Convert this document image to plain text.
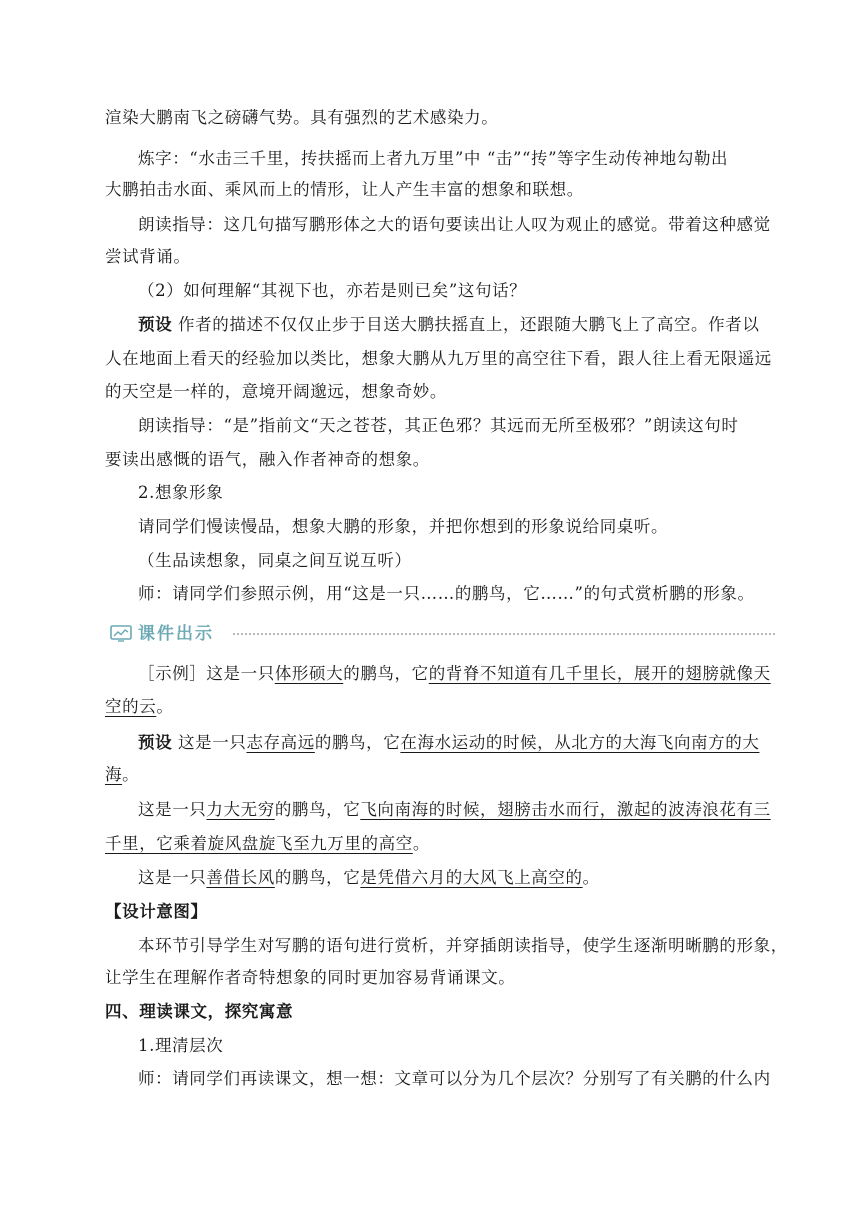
渲染大鹏南飞之磅礴气势。具有强烈的艺术感染力。
炼字：“水击三千里，抟扶摇而上者九万里”中 “击”“抟”等字生动传神地勾勒出
大鹏拍击水面、乘风而上的情形，让人产生丰富的想象和联想。
朗读指导：这几句描写鹏形体之大的语句要读出让人叹为观止的感觉。带着这种感觉
尝试背诵。
（2）如何理解“其视下也，亦若是则已矣”这句话？
预设 作者的描述不仅仅止步于目送大鹏扶摇直上，还跟随大鹏飞上了高空。作者以
人在地面上看天的经验加以类比，想象大鹏从九万里的高空往下看，跟人往上看无限遥远
的天空是一样的，意境开阔邈远，想象奇妙。
朗读指导：“是”指前文“天之苍苍，其正色邪？其远而无所至极邪？”朗读这句时
要读出感慨的语气，融入作者神奇的想象。
2.想象形象
请同学们慢读慢品，想象大鹏的形象，并把你想到的形象说给同桌听。
（生品读想象，同桌之间互说互听）
师：请同学们参照示例，用“这是一只……的鹏鸟，它……”的句式赏析鹏的形象。
课件出示
［示例］这是一只体形硕大的鹏鸟，它的背脊不知道有几千里长，展开的翅膀就像天
空的云。
预设 这是一只志存高远的鹏鸟，它在海水运动的时候，从北方的大海飞向南方的大
海。
这是一只力大无穷的鹏鸟，它飞向南海的时候，翅膀击水而行，激起的波涛浪花有三
千里，它乘着旋风盘旋飞至九万里的高空。
这是一只善借长风的鹏鸟，它是凭借六月的大风飞上高空的。
【设计意图】
本环节引导学生对写鹏的语句进行赏析，并穿插朗读指导，使学生逐渐明晰鹏的形象，
让学生在理解作者奇特想象的同时更加容易背诵课文。
四、理读课文，探究寓意
1.理清层次
师：请同学们再读课文，想一想：文章可以分为几个层次？分别写了有关鹏的什么内
